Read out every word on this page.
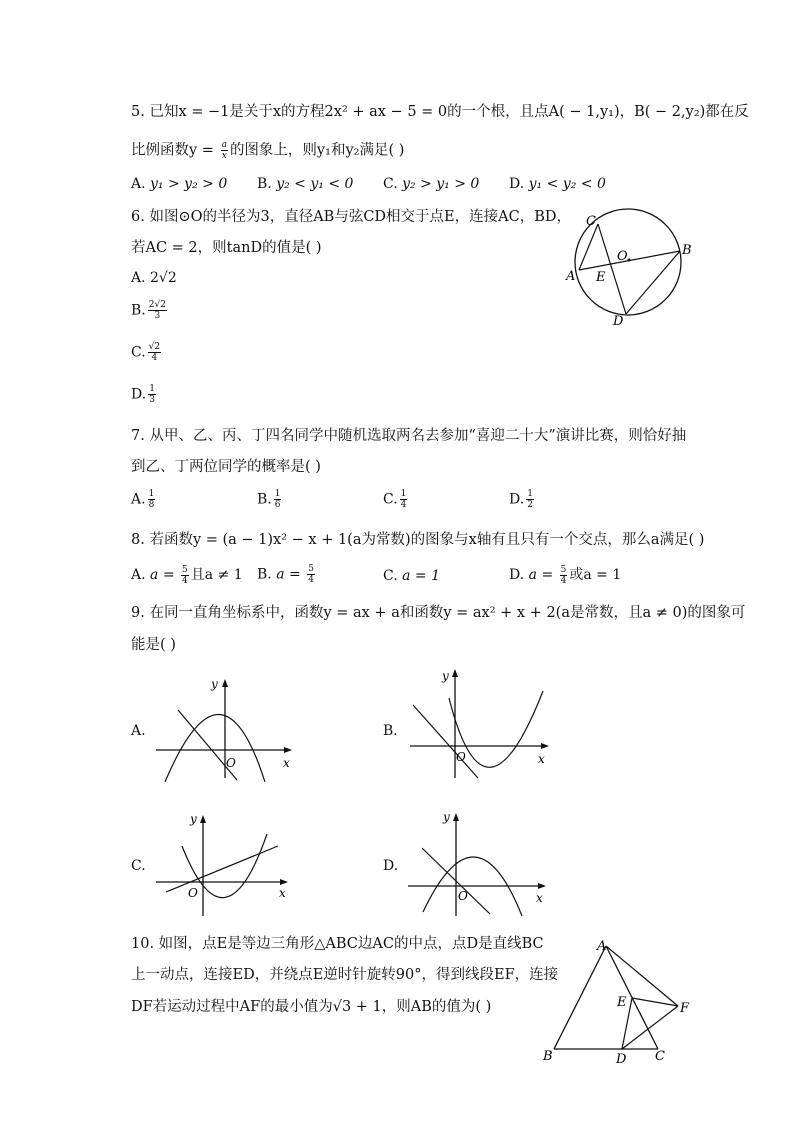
5. 已知x = −1是关于x的方程2x² + ax − 5 = 0的一个根，且点A( − 1,y₁)，B( − 2,y₂)都在反
比例函数$y = \frac{a}{x}$ 的图象上，则y₁和y₂满足( )
A. y₁ > y₂ > 0 B. y₂ < y₁ < 0 C. y₂ > y₁ > 0 D. y₁ < y₂ < 0
6. 如图⊙O的半径为3，直径AB与弦CD相交于点E，连接AC，BD，
若AC = 2，则tanD的值是( )
A. 2√2
B. $\frac{2√2}{3}$
C. $\frac{√2}{4}$
D. $\frac{1}{3}$
C
O	B
A E
D
7. 从甲、乙、丙、丁四名同学中随机选取两名去参加“喜迎二十大”演讲比赛，则恰好抽
到乙、丁两位同学的概率是( )
A. $\frac{1}{8}$	B. $\frac{1}{6}$	C. $\frac{1}{4}$	D. $\frac{1}{2}$
8. 若函数y = (a − 1)x² − x + 1(a为常数)的图象与x轴有且只有一个交点，那么a满足( )
A. $a = \frac{5}{4}$ 且a ≠ 1 B. $a = \frac{5}{4}$	C. a = 1	D. $a = \frac{5}{4}$ 或a = 1
9. 在同一直角坐标系中，函数y = ax + a和函数y = ax² + x + 2(a是常数，且a ≠ 0)的图象可
能是( )
A.	B.
C.	D.
y
x
O
y
x
O
y
x
O
y
x
O
10. 如图，点E是等边三角形△ABC边AC的中点，点D是直线BC
上一动点，连接ED，并绕点E逆时针旋转90°，得到线段EF，连接
DF若运动过程中AF的最小值为√3 + 1，则AB的值为( )
A
E	F
B	D C
